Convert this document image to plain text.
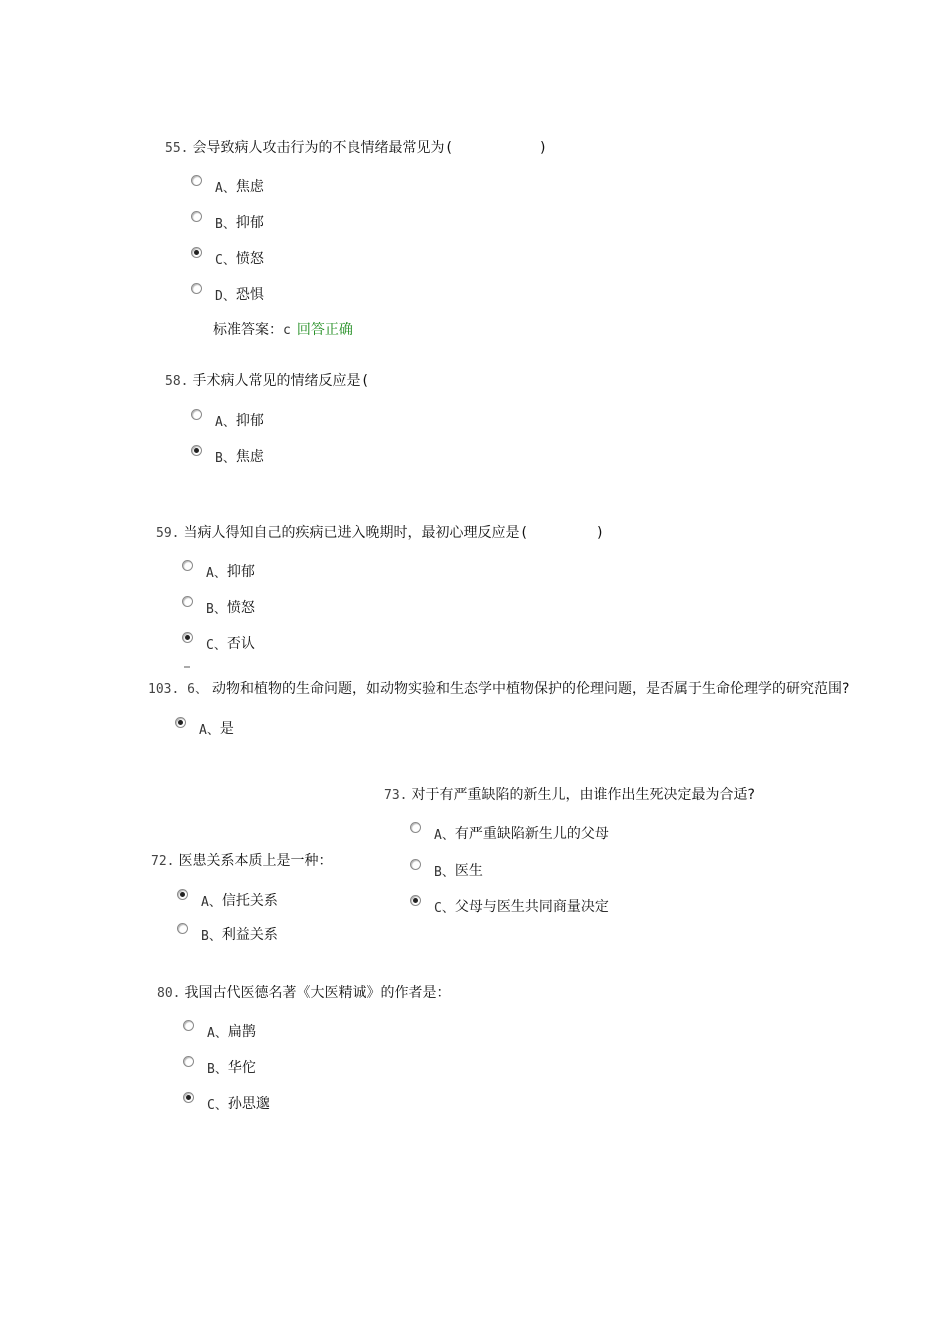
55. 会导致病人攻击行为的不良情绪最常见为 (	)
A、 焦虑
B、 抑郁
C、 愤怒
D、 恐惧
标准答案：c 回答正确
58. 手术病人常见的情绪反应是 (
A、 抑郁
B、 焦虑
59. 当病人得知自己的疾病已进入晚期时，最初心理反应是 (	)
A、 抑郁
B、 愤怒
C、 否认
103. 6、 动物和植物的生命问题，如动物实验和生态学中植物保护的伦理问题，是否属于生命伦理学的研究范围?
A、 是
73. 对于有严重缺陷的新生儿，由谁作出生死决定最为合适?
A、 有严重缺陷新生儿的父母
B、 医生
C、 父母与医生共同商量决定
72. 医患关系本质上是一种：
A、 信托关系
B、 利益关系
80. 我国古代医德名著《大医精诚》的作者是：
A、 扁鹊
B、 华佗
C、 孙思邈
